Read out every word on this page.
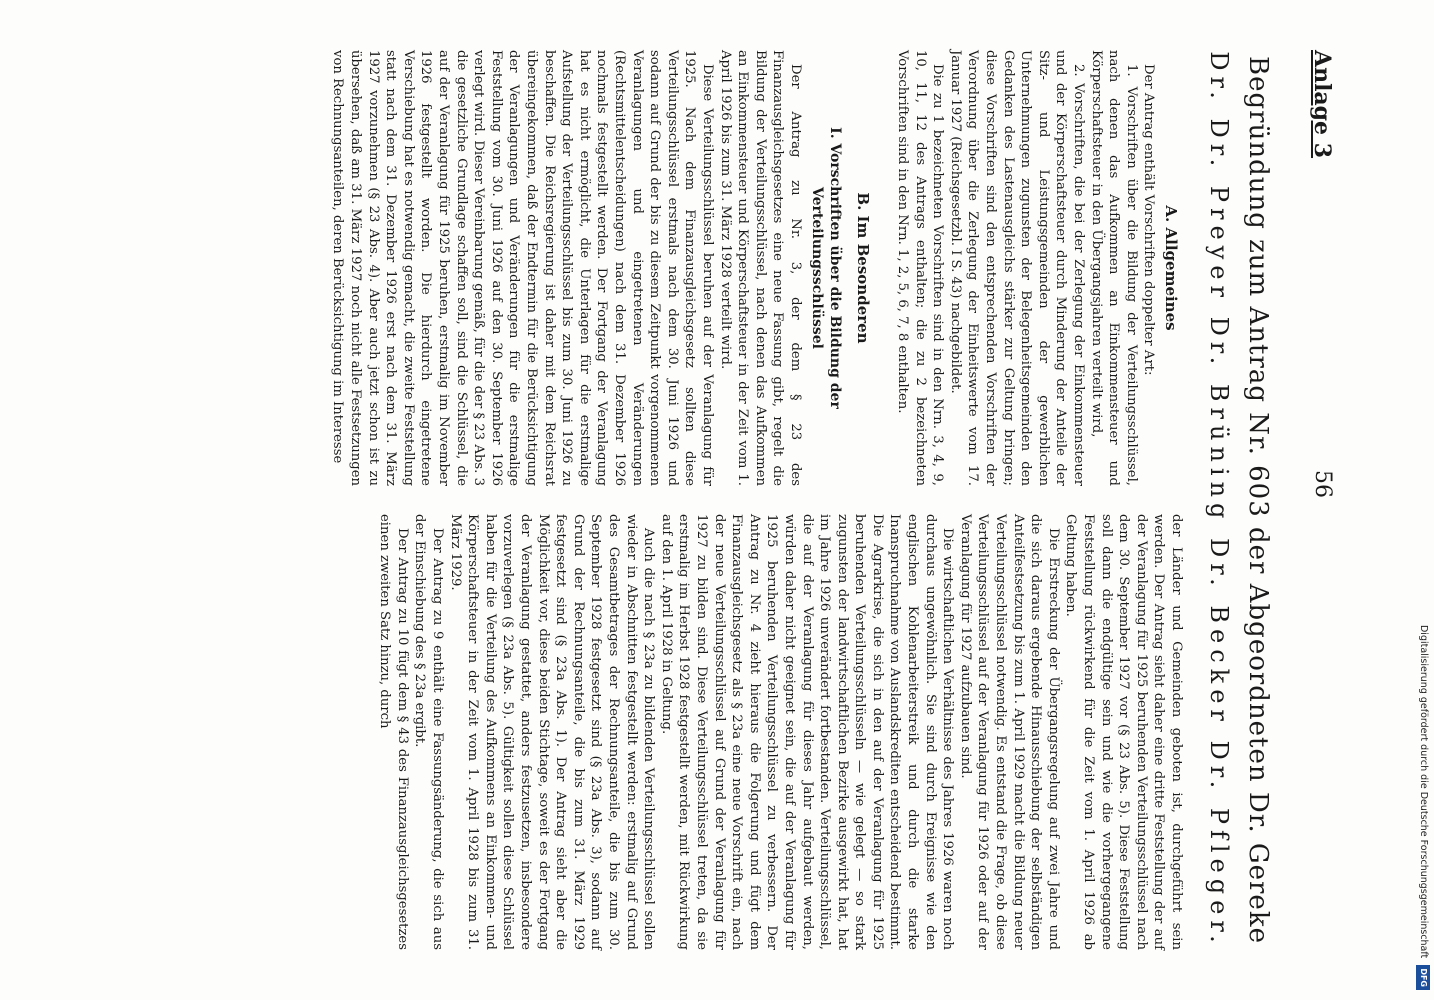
Anlage 3
56
Begründung zum Antrag Nr. 603 der Abgeordneten Dr. Gereke
Dr. Dr. Preyer Dr. Brüning Dr. Becker Dr. Pfleger.
A. Allgemeines

Der Antrag enthält Vorschriften doppelter Art:

1. Vorschriften über die Bildung der Verteilungsschlüssel, nach denen das Aufkommen an Einkommensteuer und Körperschaftsteuer in den Übergangsjahren verteilt wird,

2. Vorschriften, die bei der Zerlegung der Einkommensteuer und der Körperschaftsteuer durch Minderung der Anteile der Sitz- und Leistungsgemeinden der gewerblichen Unternehmungen zugunsten der Belegenheitsgemeinden den Gedanken des Lastenausgleichs stärker zur Geltung bringen; diese Vorschriften sind den entsprechenden Vorschriften der Verordnung über die Zerlegung der Einheitswerte vom 17. Januar 1927 (Reichsgesetzbl. I S. 43) nachgebildet.

Die zu 1 bezeichneten Vorschriften sind in den Nrn. 3, 4, 9, 10, 11, 12 des Antrags enthalten; die zu 2 bezeichneten Vorschriften sind in den Nrn. 1, 2, 5, 6, 7, 8 enthalten.

B. Im Besonderen
I. Vorschriften über die Bildung der Verteilungsschlüssel

Der Antrag zu Nr. 3, der dem § 23 des Finanzausgleichsgesetzes eine neue Fassung gibt, regelt die Bildung der Verteilungsschlüssel, nach denen das Aufkommen an Einkommensteuer und Körperschaftsteuer in der Zeit vom 1. April 1926 bis zum 31. März 1928 verteilt wird.

Diese Verteilungsschlüssel beruhen auf der Veranlagung für 1925. Nach dem Finanzausgleichsgesetz sollten diese Verteilungsschlüssel erstmals nach dem 30. Juni 1926 und sodann auf Grund der bis zu diesem Zeitpunkt vorgenommenen Veranlagungen und eingetretenen Veränderungen (Rechtsmittelentscheidungen) nach dem 31. Dezember 1926 nochmals festgestellt werden. Der Fortgang der Veranlagung hat es nicht ermöglicht, die Unterlagen für die erstmalige Aufstellung der Verteilungsschlüssel bis zum 30. Juni 1926 zu beschaffen. Die Reichsregierung ist daher mit dem Reichsrat übereingekommen, daß der Endtermin für die Berücksichtigung der Veranlagungen und Veränderungen für die erstmalige Feststellung vom 30. Juni 1926 auf den 30. September 1926 verlegt wird. Dieser Vereinbarung gemäß, für die der § 23 Abs. 3 die gesetzliche Grundlage schaffen soll, sind die Schlüssel, die auf der Veranlagung für 1925 beruhen, erstmalig im November 1926 festgestellt worden. Die hierdurch eingetretene Verschiebung hat es notwendig gemacht, die zweite Feststellung statt nach dem 31. Dezember 1926 erst nach dem 31. März 1927 vorzunehmen (§ 23 Abs. 4). Aber auch jetzt schon ist zu übersehen, daß am 31. März 1927 noch nicht alle Festsetzungen von Rechnungsanteilen, deren Berücksichtigung im Interesse

der Länder und Gemeinden geboten ist, durchgeführt sein werden. Der Antrag sieht daher eine dritte Feststellung der auf der Veranlagung für 1925 beruhenden Verteilungsschlüssel nach dem 30. September 1927 vor (§ 23 Abs. 5). Diese Feststellung soll dann die endgültige sein und wie die vorhergegangene Feststellung rückwirkend für die Zeit vom 1. April 1926 ab Geltung haben.

Die Erstreckung der Übergangsregelung auf zwei Jahre und die sich daraus ergebende Hinausschiebung der selbständigen Anteilfestsetzung bis zum 1. April 1929 macht die Bildung neuer Verteilungsschlüssel notwendig. Es entstand die Frage, ob diese Verteilungsschlüssel auf der Veranlagung für 1926 oder auf der Veranlagung für 1927 aufzubauen sind.

Die wirtschaftlichen Verhältnisse des Jahres 1926 waren noch durchaus ungewöhnlich. Sie sind durch Ereignisse wie den englischen Kohlenarbeiterstreik und durch die starke Inanspruchnahme von Auslandskrediten entscheidend bestimmt. Die Agrarkrise, die sich in den auf der Veranlagung für 1925 beruhenden Verteilungsschlüsseln — wie gelegt — so stark zugunsten der landwirtschaftlichen Bezirke ausgewirkt hat, hat im Jahre 1926 unverändert fortbestanden. Verteilungsschlüssel, die auf der Veranlagung für dieses Jahr aufgebaut werden, würden daher nicht geeignet sein, die auf der Veranlagung für 1925 beruhenden Verteilungsschlüssel zu verbessern. Der Antrag zu Nr. 4 zieht hieraus die Folgerung und fügt dem Finanzausgleichsgesetz als § 23a eine neue Vorschrift ein, nach der neue Verteilungsschlüssel auf Grund der Veranlagung für 1927 zu bilden sind. Diese Verteilungsschlüssel treten, da sie erstmalig im Herbst 1928 festgestellt werden, mit Rückwirkung auf den 1. April 1928 in Geltung.

Auch die nach § 23a zu bildenden Verteilungsschlüssel sollen wieder in Abschnitten festgestellt werden: erstmalig auf Grund des Gesamtbetrages der Rechnungsanteile, die bis zum 30. September 1928 festgesetzt sind (§ 23a Abs. 3), sodann auf Grund der Rechnungsanteile, die bis zum 31. März 1929 festgesetzt sind (§ 23a Abs. 1). Der Antrag sieht aber die Möglichkeit vor, diese beiden Stichtage, soweit es der Fortgang der Veranlagung gestattet, anders festzusetzen, insbesondere vorzuverlegen (§ 23a Abs. 5). Gültigkeit sollen diese Schlüssel haben für die Verteilung des Aufkommens an Einkommen- und Körperschaftsteuer in der Zeit vom 1. April 1928 bis zum 31. März 1929.

Der Antrag zu 9 enthält eine Fassungsänderung, die sich aus der Einschiebung des § 23a ergibt.

Der Antrag zu 10 fügt dem § 43 des Finanzausgleichsgesetzes einen zweiten Satz hinzu, durch

Digitalisierung gefördert durch die Deutsche Forschungsgemeinschaft DFG
